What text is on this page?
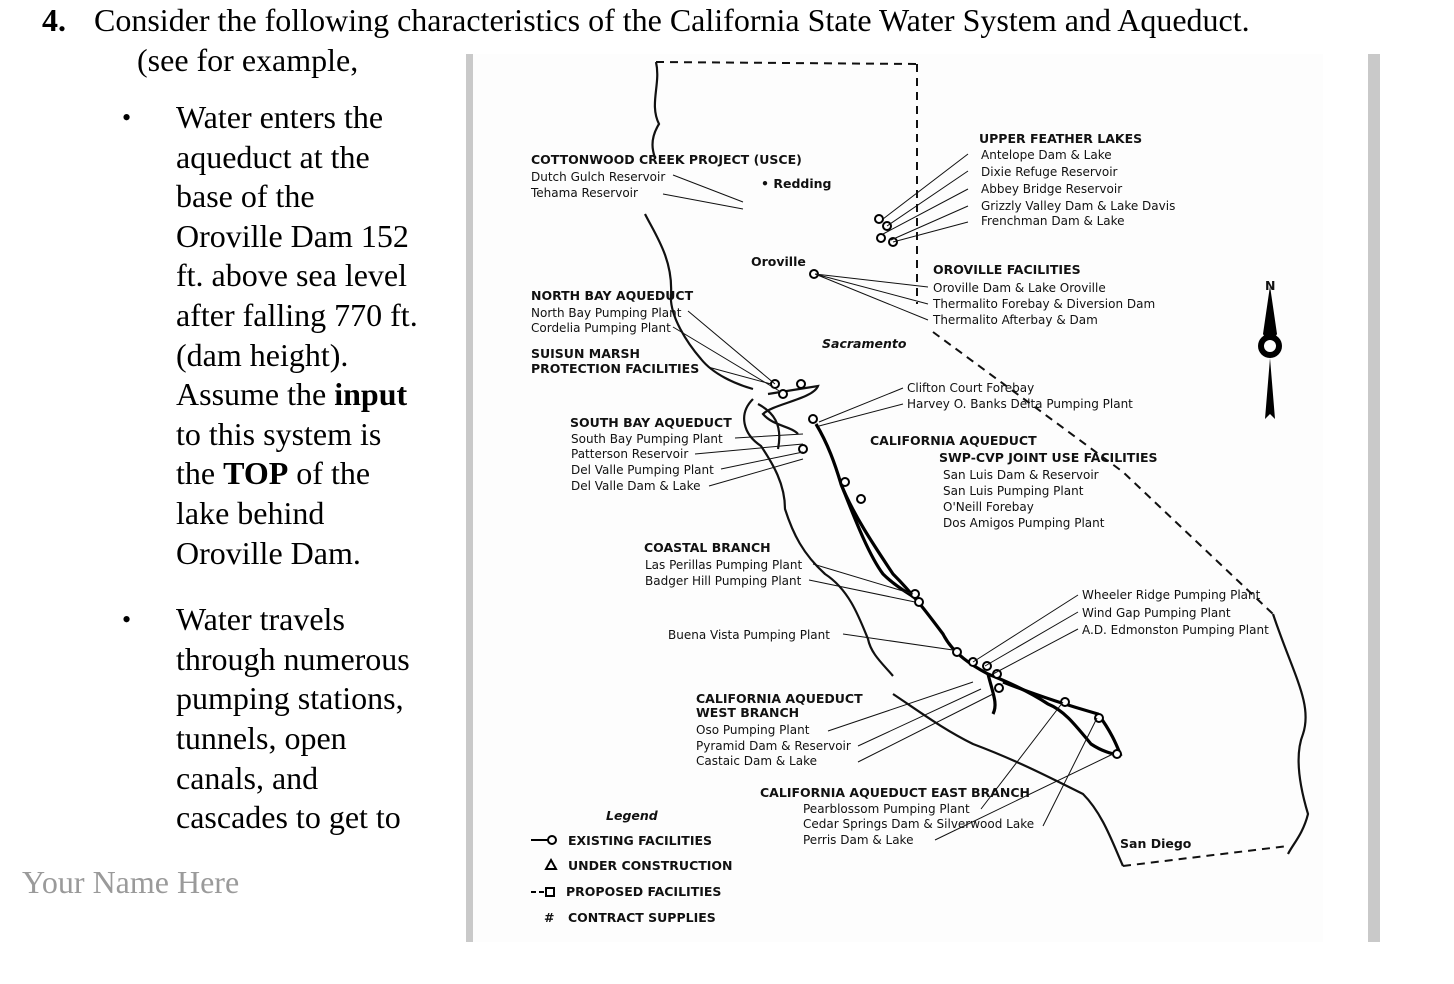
4. Consider the following characteristics of the California State Water System and Aqueduct.
(see for example,
• Water enters the
aqueduct at the
base of the
Oroville Dam 152
ft. above sea level
after falling 770 ft.
(dam height).
Assume the input
to this system is
the TOP of the
lake behind
Oroville Dam.
• Water travels
through numerous
pumping stations,
tunnels, open
canals, and
cascades to get to
Your Name Here
COTTONWOOD CREEK PROJECT (USCE)
Dutch Gulch Reservoir
Tehama Reservoir
• Redding
Oroville
Sacramento
UPPER FEATHER LAKES
Antelope Dam & Lake
Dixie Refuge Reservoir
Abbey Bridge Reservoir
Grizzly Valley Dam & Lake Davis
Frenchman Dam & Lake
OROVILLE FACILITIES
Oroville Dam & Lake Oroville
Thermalito Forebay & Diversion Dam
Thermalito Afterbay & Dam
NORTH BAY AQUEDUCT
North Bay Pumping Plant
Cordelia Pumping Plant
SUISUN MARSH
PROTECTION FACILITIES
Clifton Court Forebay
Harvey O. Banks Delta Pumping Plant
SOUTH BAY AQUEDUCT
South Bay Pumping Plant
Patterson Reservoir
Del Valle Pumping Plant
Del Valle Dam & Lake
CALIFORNIA AQUEDUCT
SWP-CVP JOINT USE FACILITIES
San Luis Dam & Reservoir
San Luis Pumping Plant
O'Neill Forebay
Dos Amigos Pumping Plant
COASTAL BRANCH
Las Perillas Pumping Plant
Badger Hill Pumping Plant
Buena Vista Pumping Plant
Wheeler Ridge Pumping Plant
Wind Gap Pumping Plant
A.D. Edmonston Pumping Plant
CALIFORNIA AQUEDUCT
WEST BRANCH
Oso Pumping Plant
Pyramid Dam & Reservoir
Castaic Dam & Lake
CALIFORNIA AQUEDUCT EAST BRANCH
Pearblossom Pumping Plant
Cedar Springs Dam & Silverwood Lake
Perris Dam & Lake	San Diego
Legend
EXISTING FACILITIES
UNDER CONSTRUCTION
PROPOSED FACILITIES
# CONTRACT SUPPLIES
N
